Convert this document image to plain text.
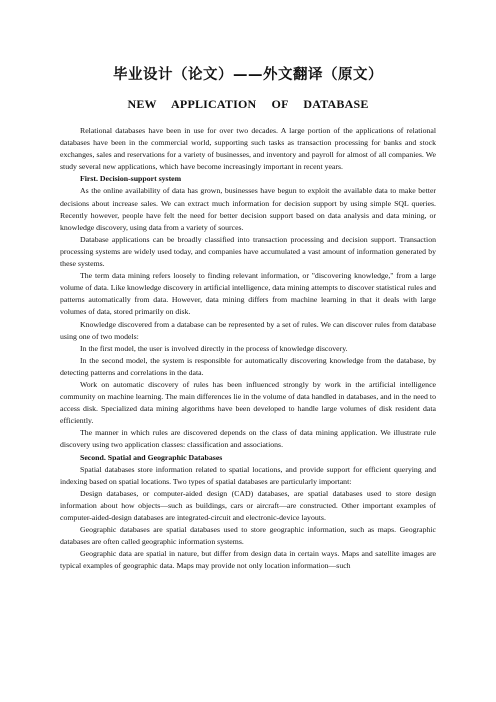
毕业设计（论文）——外文翻译（原文）
NEW APPLICATION OF DATABASE

Relational databases have been in use for over two decades. A large portion of the applications of relational databases have been in the commercial world, supporting such tasks as transaction processing for banks and stock exchanges, sales and reservations for a variety of businesses, and inventory and payroll for almost of all companies. We study several new applications, which have become increasingly important in recent years.

First. Decision-support system

As the online availability of data has grown, businesses have begun to exploit the available data to make better decisions about increase sales. We can extract much information for decision support by using simple SQL queries. Recently however, people have felt the need for better decision support based on data analysis and data mining, or knowledge discovery, using data from a variety of sources.

Database applications can be broadly classified into transaction processing and decision support. Transaction processing systems are widely used today, and companies have accumulated a vast amount of information generated by these systems.

The term data mining refers loosely to finding relevant information, or "discovering knowledge," from a large volume of data. Like knowledge discovery in artificial intelligence, data mining attempts to discover statistical rules and patterns automatically from data. However, data mining differs from machine learning in that it deals with large volumes of data, stored primarily on disk.

Knowledge discovered from a database can be represented by a set of rules. We can discover rules from database using one of two models:

In the first model, the user is involved directly in the process of knowledge discovery.

In the second model, the system is responsible for automatically discovering knowledge from the database, by detecting patterns and correlations in the data.

Work on automatic discovery of rules has been influenced strongly by work in the artificial intelligence community on machine learning. The main differences lie in the volume of data handled in databases, and in the need to access disk. Specialized data mining algorithms have been developed to handle large volumes of disk resident data efficiently.

The manner in which rules are discovered depends on the class of data mining application. We illustrate rule discovery using two application classes: classification and associations.

Second. Spatial and Geographic Databases

Spatial databases store information related to spatial locations, and provide support for efficient querying and indexing based on spatial locations. Two types of spatial databases are particularly important:

Design databases, or computer-aided design (CAD) databases, are spatial databases used to store design information about how objects—such as buildings, cars or aircraft—are constructed. Other important examples of computer-aided-design databases are integrated-circuit and electronic-device layouts.

Geographic databases are spatial databases used to store geographic information, such as maps. Geographic databases are often called geographic information systems.

Geographic data are spatial in nature, but differ from design data in certain ways. Maps and satellite images are typical examples of geographic data. Maps may provide not only location information—such
